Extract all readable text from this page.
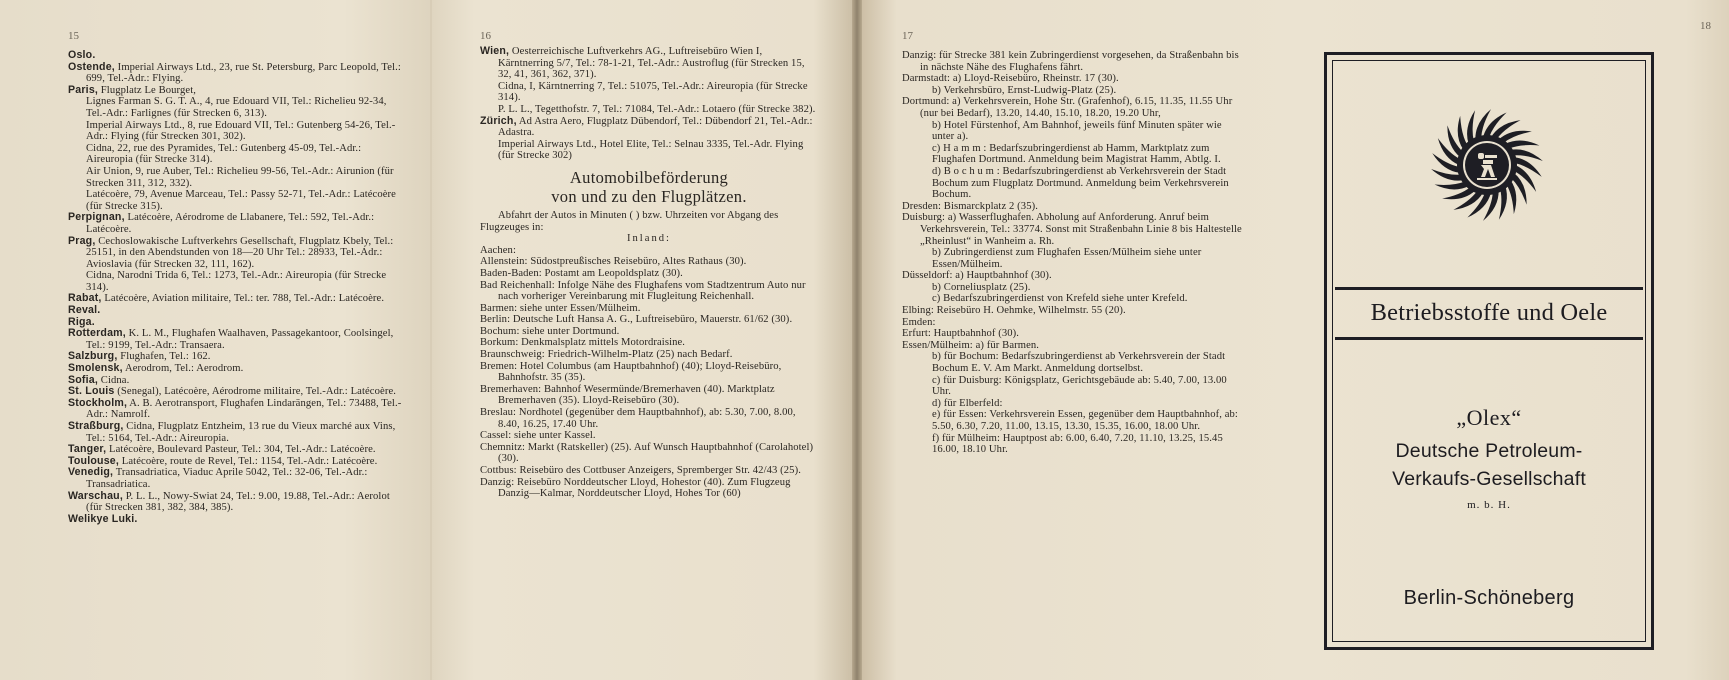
15

Oslo.

Ostende, Imperial Airways Ltd., 23, rue St. Petersburg, Parc Leopold, Tel.: 699, Tel.-Adr.: Flying.

Paris, Flugplatz Le Bourget,

Lignes Farman S. G. T. A., 4, rue Edouard VII, Tel.: Richelieu 92-34, Tel.-Adr.: Farlignes (für Strecken 6, 313).

Imperial Airways Ltd., 8, rue Edouard VII, Tel.: Gutenberg 54-26, Tel.-Adr.: Flying (für Strecken 301, 302).

Cidna, 22, rue des Pyramides, Tel.: Gutenberg 45-09, Tel.-Adr.: Aireuropia (für Strecke 314).

Air Union, 9, rue Auber, Tel.: Richelieu 99-56, Tel.-Adr.: Airunion (für Strecken 311, 312, 332).

Latécoère, 79, Avenue Marceau, Tel.: Passy 52-71, Tel.-Adr.: Latécoère (für Strecke 315).

Perpignan, Latécoère, Aérodrome de Llabanere, Tel.: 592, Tel.-Adr.: Latécoère.

Prag, Cechoslowakische Luftverkehrs Gesellschaft, Flugplatz Kbely, Tel.: 25151, in den Abendstunden von 18—20 Uhr Tel.: 28933, Tel.-Adr.: Avioslavia (für Strecken 32, 111, 162).

Cidna, Narodni Trida 6, Tel.: 1273, Tel.-Adr.: Aireuropia (für Strecke 314).

Rabat, Latécoère, Aviation militaire, Tel.: ter. 788, Tel.-Adr.: Latécoère.

Reval.

Riga.

Rotterdam, K. L. M., Flughafen Waalhaven, Passagekantoor, Coolsingel, Tel.: 9199, Tel.-Adr.: Transaera.

Salzburg, Flughafen, Tel.: 162.

Smolensk, Aerodrom, Tel.: Aerodrom.

Sofia, Cidna.

St. Louis (Senegal), Latécoère, Aérodrome militaire, Tel.-Adr.: Latécoère.

Stockholm, A. B. Aerotransport, Flughafen Lindarängen, Tel.: 73488, Tel.-Adr.: Namrolf.

Straßburg, Cidna, Flugplatz Entzheim, 13 rue du Vieux marché aux Vins, Tel.: 5164, Tel.-Adr.: Aireuropia.

Tanger, Latécoère, Boulevard Pasteur, Tel.: 304, Tel.-Adr.: Latécoère.

Toulouse, Latécoère, route de Revel, Tel.: 1154, Tel.-Adr.: Latécoère.

Venedig, Transadriatica, Viaduc Aprile 5042, Tel.: 32-06, Tel.-Adr.: Transadriatica.

Warschau, P. L. L., Nowy-Swiat 24, Tel.: 9.00, 19.88, Tel.-Adr.: Aerolot (für Strecken 381, 382, 384, 385).

Welikye Luki.

16

Wien, Oesterreichische Luftverkehrs AG., Luftreisebüro Wien I, Kärntnerring 5/7, Tel.: 78-1-21, Tel.-Adr.: Austroflug (für Strecken 15, 32, 41, 361, 362, 371).

Cidna, I, Kärntnerring 7, Tel.: 51075, Tel.-Adr.: Aireuropia (für Strecke 314).

P. L. L., Tegetthofstr. 7, Tel.: 71084, Tel.-Adr.: Lotaero (für Strecke 382).

Zürich, Ad Astra Aero, Flugplatz Dübendorf, Tel.: Dübendorf 21, Tel.-Adr.: Adastra.

Imperial Airways Ltd., Hotel Elite, Tel.: Selnau 3335, Tel.-Adr. Flying (für Strecke 302)

Automobilbeförderung
von und zu den Flugplätzen.

Abfahrt der Autos in Minuten ( ) bzw. Uhrzeiten vor Abgang des Flugzeuges in:

Inland:

Aachen:

Allenstein: Südostpreußisches Reisebüro, Altes Rathaus (30).

Baden-Baden: Postamt am Leopoldsplatz (30).

Bad Reichenhall: Infolge Nähe des Flughafens vom Stadtzentrum Auto nur nach vorheriger Vereinbarung mit Flugleitung Reichenhall.

Barmen: siehe unter Essen/Mülheim.

Berlin: Deutsche Luft Hansa A. G., Luftreisebüro, Mauerstr. 61/62 (30).

Bochum: siehe unter Dortmund.

Borkum: Denkmalsplatz mittels Motordraisine.

Braunschweig: Friedrich-Wilhelm-Platz (25) nach Bedarf.

Bremen: Hotel Columbus (am Hauptbahnhof) (40); Lloyd-Reisebüro, Bahnhofstr. 35 (35).

Bremerhaven: Bahnhof Wesermünde/Bremerhaven (40). Marktplatz Bremerhaven (35). Lloyd-Reisebüro (30).

Breslau: Nordhotel (gegenüber dem Hauptbahnhof), ab: 5.30, 7.00, 8.00, 8.40, 16.25, 17.40 Uhr.

Cassel: siehe unter Kassel.

Chemnitz: Markt (Ratskeller) (25). Auf Wunsch Hauptbahnhof (Carolahotel) (30).

Cottbus: Reisebüro des Cottbuser Anzeigers, Spremberger Str. 42/43 (25).

Danzig: Reisebüro Norddeutscher Lloyd, Hohestor (40). Zum Flugzeug Danzig—Kalmar, Norddeutscher Lloyd, Hohes Tor (60)

17

Danzig: für Strecke 381 kein Zubringerdienst vorgesehen, da Straßenbahn bis in nächste Nähe des Flughafens fährt.

Darmstadt: a) Lloyd-Reisebüro, Rheinstr. 17 (30).

b) Verkehrsbüro, Ernst-Ludwig-Platz (25).

Dortmund: a) Verkehrsverein, Hohe Str. (Grafenhof), 6.15, 11.35, 11.55 Uhr (nur bei Bedarf), 13.20, 14.40, 15.10, 18.20, 19.20 Uhr,

b) Hotel Fürstenhof, Am Bahnhof, jeweils fünf Minuten später wie unter a).

c) H a m m : Bedarfszubringerdienst ab Hamm, Marktplatz zum Flughafen Dortmund. Anmeldung beim Magistrat Hamm, Abtlg. I.

d) B o c h u m : Bedarfszubringerdienst ab Verkehrsverein der Stadt Bochum zum Flugplatz Dortmund. Anmeldung beim Verkehrsverein Bochum.

Dresden: Bismarckplatz 2 (35).

Duisburg: a) Wasserflughafen. Abholung auf Anforderung. Anruf beim Verkehrsverein, Tel.: 33774. Sonst mit Straßenbahn Linie 8 bis Haltestelle „Rheinlust“ in Wanheim a. Rh.

b) Zubringerdienst zum Flughafen Essen/Mülheim siehe unter Essen/Mülheim.

Düsseldorf: a) Hauptbahnhof (30).

b) Corneliusplatz (25).

c) Bedarfszubringerdienst von Krefeld siehe unter Krefeld.

Elbing: Reisebüro H. Oehmke, Wilhelmstr. 55 (20).

Emden:

Erfurt: Hauptbahnhof (30).

Essen/Mülheim: a) für Barmen.

b) für Bochum: Bedarfszubringerdienst ab Verkehrsverein der Stadt Bochum E. V. Am Markt. Anmeldung dortselbst.

c) für Duisburg: Königsplatz, Gerichtsgebäude ab: 5.40, 7.00, 13.00 Uhr.

d) für Elberfeld:

e) für Essen: Verkehrsverein Essen, gegenüber dem Hauptbahnhof, ab: 5.50, 6.30, 7.20, 11.00, 13.15, 13.30, 15.35, 16.00, 18.00 Uhr.

f) für Mülheim: Hauptpost ab: 6.00, 6.40, 7.20, 11.10, 13.25, 15.45 16.00, 18.10 Uhr.

18
Betriebsstoffe und Oele
„Olex“
Deutsche Petroleum-
Verkaufs-Gesellschaft
m. b. H.
Berlin-Schöneberg
